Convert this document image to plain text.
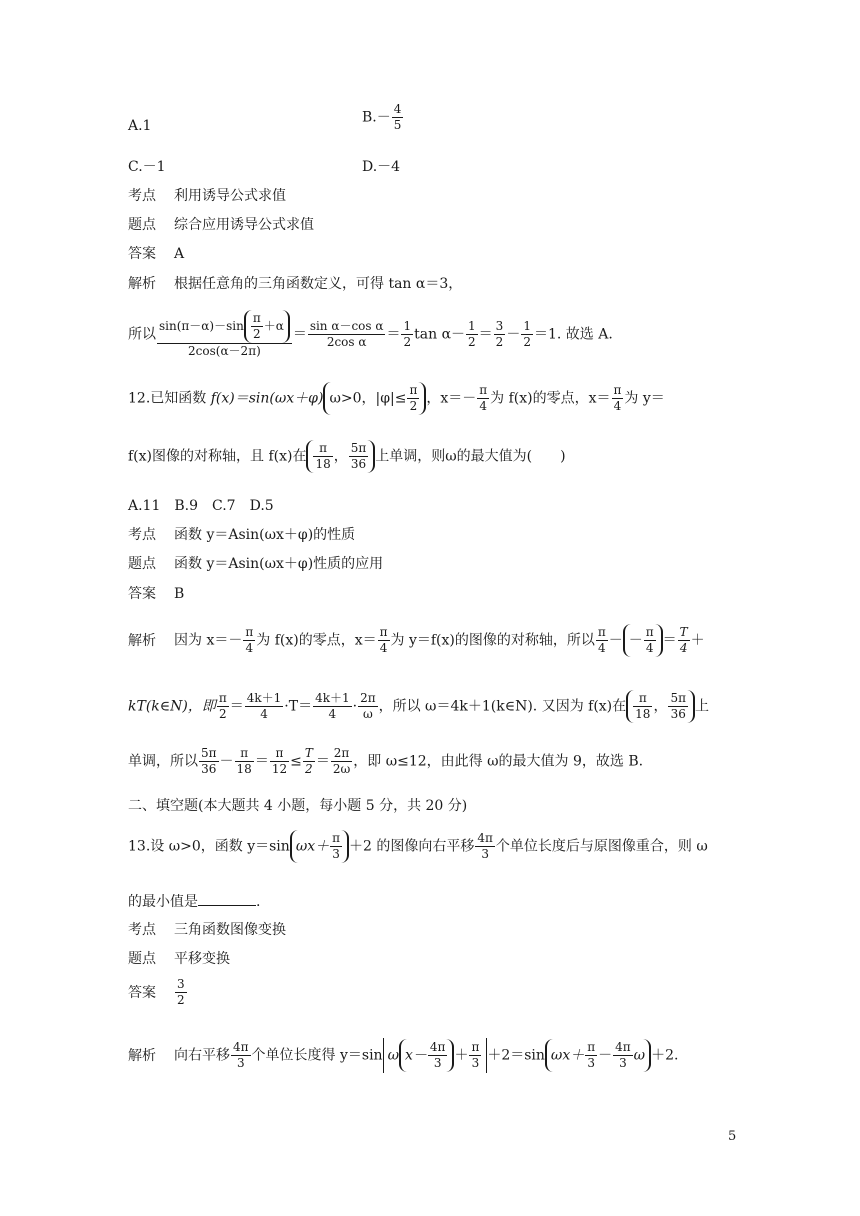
A.1
$B.- \frac{4}{5}$
C.－1	D.－4
考点 利用诱导公式求值
题点 综合应用诱导公式求值
答案 A
解析 根据任意角的三角函数定义，可得 tan α＝3，
所以 $\frac{\sin(\pi-\alpha)-\sin \frac{\pi}{2} +\alpha}{2\cos(\alpha-2\pi)} = \frac{\text{sin α－cos α}}{\text{2cos α}} = \frac{1}{2}$ $\tan \alpha- \frac{1}{2} = \frac{3}{2} - \frac{1}{2} =1$. 故选 A.
12.已知函数 f(x)＝sin(ωx＋φ) ω>0，$|\varphi|\le \frac{\pi}{2}$ ，$x=- \frac{\pi}{4}$ 为 f(x)的零点，$x= \frac{\pi}{4}$ 为 y＝
f(x)图像的对称轴，且 f(x)在 $\frac{\pi}{18}$ ， $\frac{5\pi}{36}$ 上单调，则ω的最大值为(　　)
A.11　B.9　C.7　D.5
考点 函数 y＝Asin(ωx＋φ)的性质
题点 函数 y＝Asin(ωx＋φ)性质的应用
答案 B
解析 因为 $x=- \frac{\pi}{4}$ 为 f(x)的零点，$x= \frac{\pi}{4}$ 为 y＝f(x)的图像的对称轴，所以 $\frac{\pi}{4}$ － － $\frac{\pi}{4} = \frac{T}{4}$ ＋
kT(k∈N)，即 $\frac{\pi}{2} = \frac{4k+1}{4} \cdot T= \frac{4k+1}{4} \cdot \frac{2\pi}{\omega}$ ，所以 ω＝4k＋1(k∈N). 又因为 f(x)在 $\frac{\pi}{18}$ ， $\frac{5\pi}{36}$ 上
单调，所以 $\frac{5\pi}{36} - \frac{\pi}{18} = \frac{\pi}{12} \le \frac{T}{2} = \frac{2\pi}{2\omega}$ ，即 ω≤12，由此得 ω的最大值为 9，故选 B.
二、填空题(本大题共 4 小题，每小题 5 分，共 20 分)
13.设 ω>0，函数 y＝sin $\omega x+ \frac{\pi}{3} +2$ 的图像向右平移 $\frac{4\pi}{3}$ 个单位长度后与原图像重合，则 ω
的最小值是	.
考点 三角函数图像变换
题点 平移变换
答案 $\frac{3}{2}$
解析 向右平移 $\frac{4\pi}{3}$ 个单位长度得 y＝sin ω $x- \frac{4\pi}{3} + \frac{\pi}{3} +2=\sin$ $\omega x+ \frac{\pi}{3} - \frac{4\pi}{3}$ ω ＋2.
5
